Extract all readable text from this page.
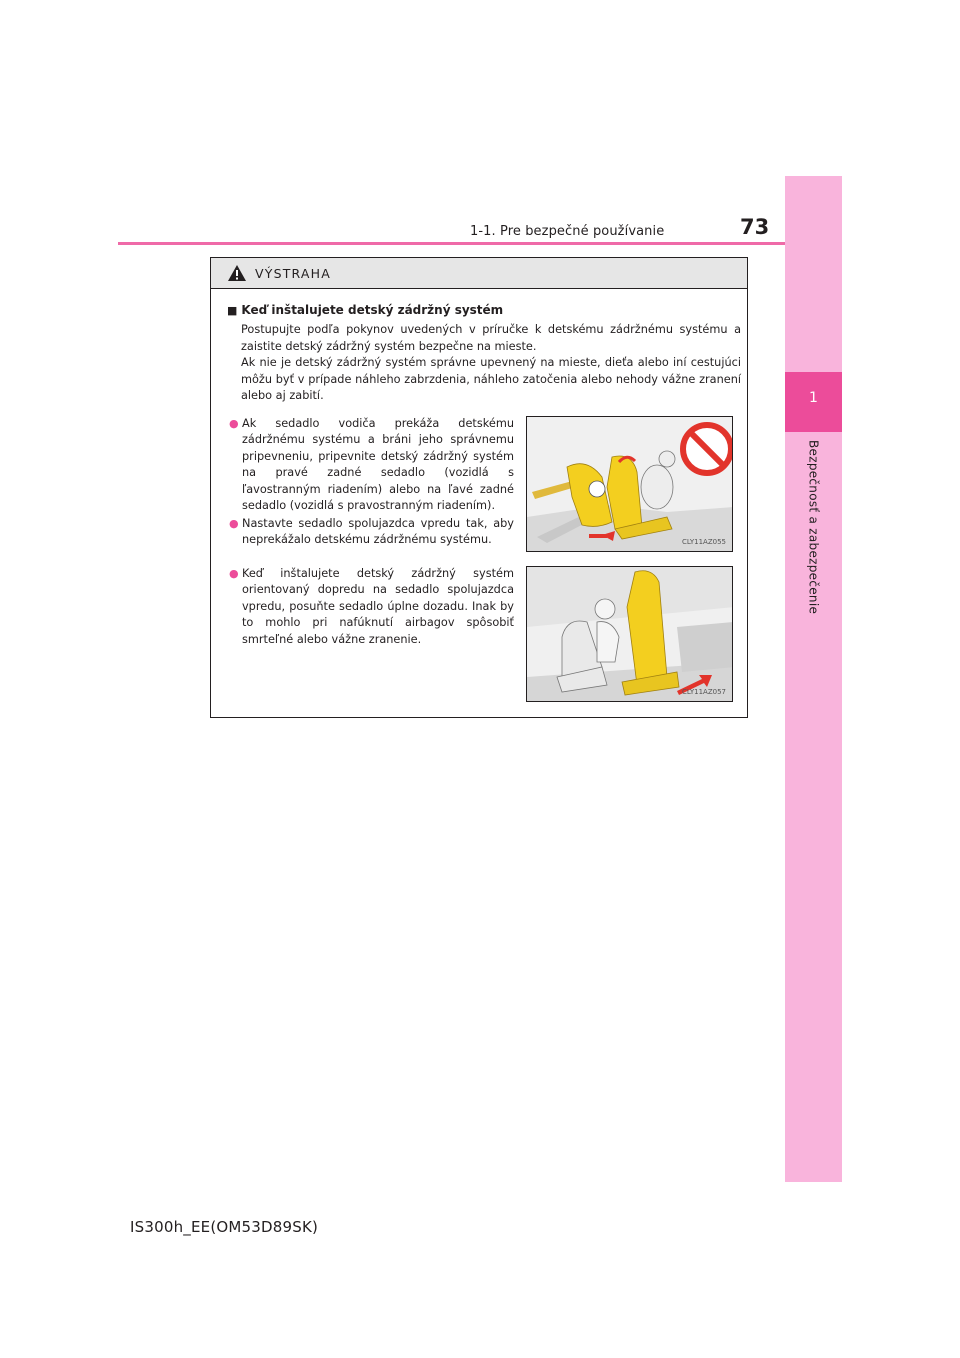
1-1. Pre bezpečné používanie	73
1
Bezpečnosť a zabezpečenie
VÝSTRAHA
■ Keď inštalujete detský zádržný systém

Postupujte podľa pokynov uvedených v príručke k detskému zádržnému systému a zaistite detský zádržný systém bezpečne na mieste.

Ak nie je detský zádržný systém správne upevnený na mieste, dieťa alebo iní cestujúci môžu byť v prípade náhleho zabrzdenia, náhleho zatočenia alebo nehody vážne zranení alebo aj zabití.

● Ak sedadlo vodiča prekáža detskému zádržnému systému a bráni jeho správnemu pripevneniu, pripevnite detský zádržný systém na pravé zadné sedadlo (vozidlá s ľavostranným riadením) alebo na ľavé zadné sedadlo (vozidlá s pravostranným riadením).
● Nastavte sedadlo spolujazdca vpredu tak, aby neprekážalo detskému zádržnému systému.
● Keď inštalujete detský zádržný systém orientovaný dopredu na sedadlo spolujazdca vpredu, posuňte sedadlo úplne dozadu. Inak by to mohlo pri nafúknutí airbagov spôsobiť smrteľné alebo vážne zranenie.
CLY11AZ055
CLY11AZ057
IS300h_EE(OM53D89SK)
